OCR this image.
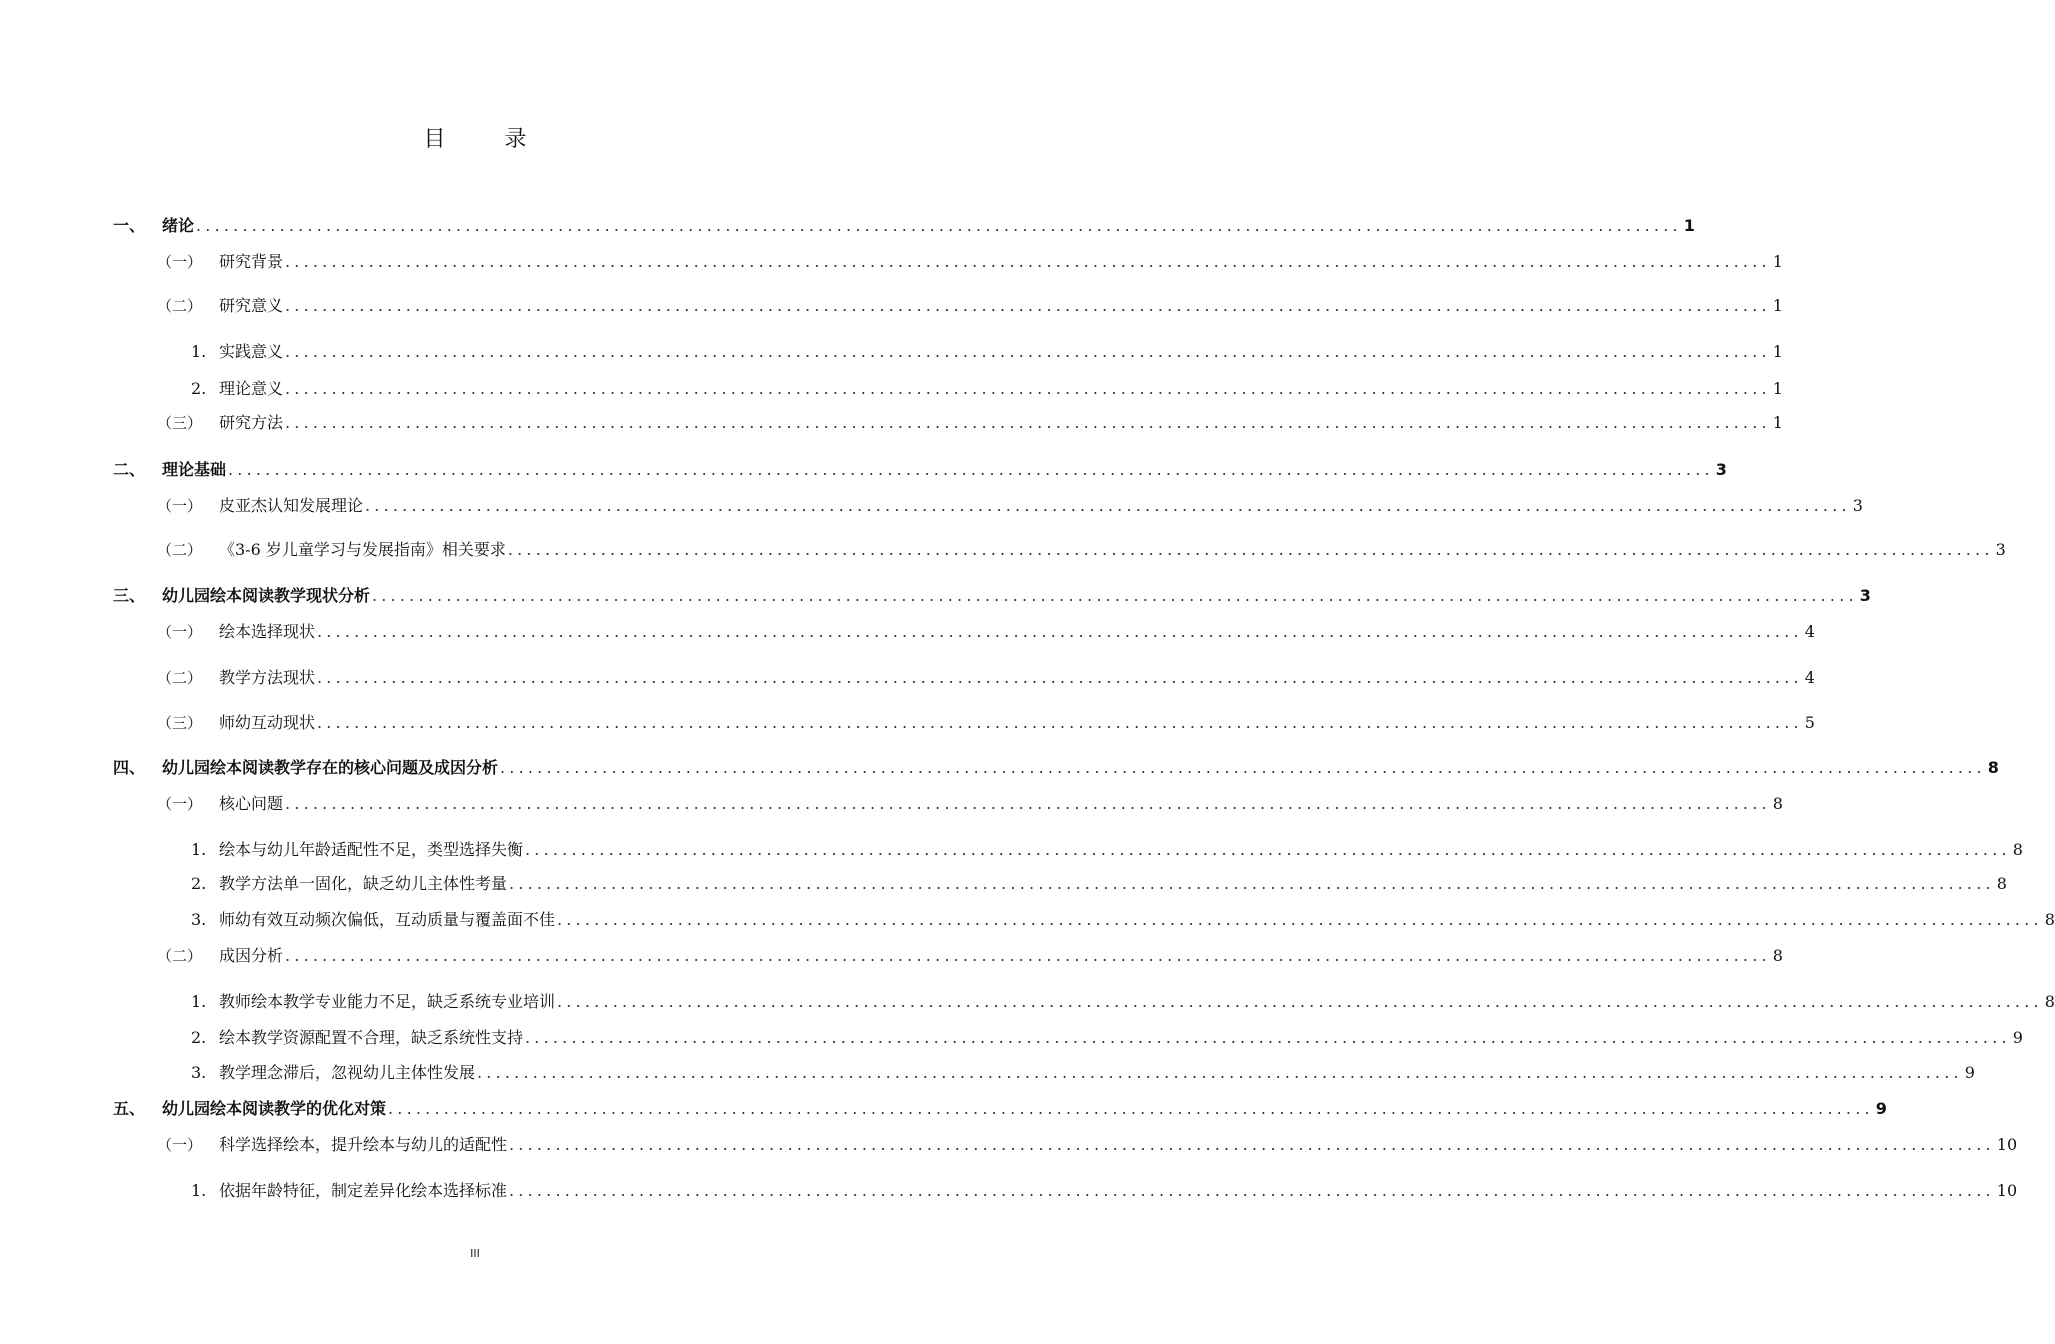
目 录
一、	绪论 ................................................................................................................................................................ 1
（一）	研究背景 ................................................................................................................................................................ 1
（二）	研究意义 ................................................................................................................................................................ 1
1. 实践意义 ................................................................................................................................................................ 1
2. 理论意义 ................................................................................................................................................................ 1
（三）	研究方法 ................................................................................................................................................................ 1
二、	理论基础 ................................................................................................................................................................ 3
（一）	皮亚杰认知发展理论 ................................................................................................................................................................ 3
（二）	《3-6 岁儿童学习与发展指南》相关要求 ................................................................................................................................................................ 3
三、	幼儿园绘本阅读教学现状分析 ................................................................................................................................................................ 3
（一）	绘本选择现状 ................................................................................................................................................................ 4
（二）	教学方法现状 ................................................................................................................................................................ 4
（三）	师幼互动现状 ................................................................................................................................................................ 5
四、	幼儿园绘本阅读教学存在的核心问题及成因分析 ................................................................................................................................................................ 8
（一）	核心问题 ................................................................................................................................................................ 8
1. 绘本与幼儿年龄适配性不足，类型选择失衡 ................................................................................................................................................................ 8
2. 教学方法单一固化，缺乏幼儿主体性考量 ................................................................................................................................................................ 8
3. 师幼有效互动频次偏低，互动质量与覆盖面不佳 ................................................................................................................................................................ 8
（二）	成因分析 ................................................................................................................................................................ 8
1. 教师绘本教学专业能力不足，缺乏系统专业培训 ................................................................................................................................................................ 8
2. 绘本教学资源配置不合理，缺乏系统性支持 ................................................................................................................................................................ 9
3. 教学理念滞后，忽视幼儿主体性发展 ................................................................................................................................................................ 9
五、	幼儿园绘本阅读教学的优化对策 ................................................................................................................................................................ 9
（一）	科学选择绘本，提升绘本与幼儿的适配性 ................................................................................................................................................................ 10
1. 依据年龄特征，制定差异化绘本选择标准 ................................................................................................................................................................ 10
III
